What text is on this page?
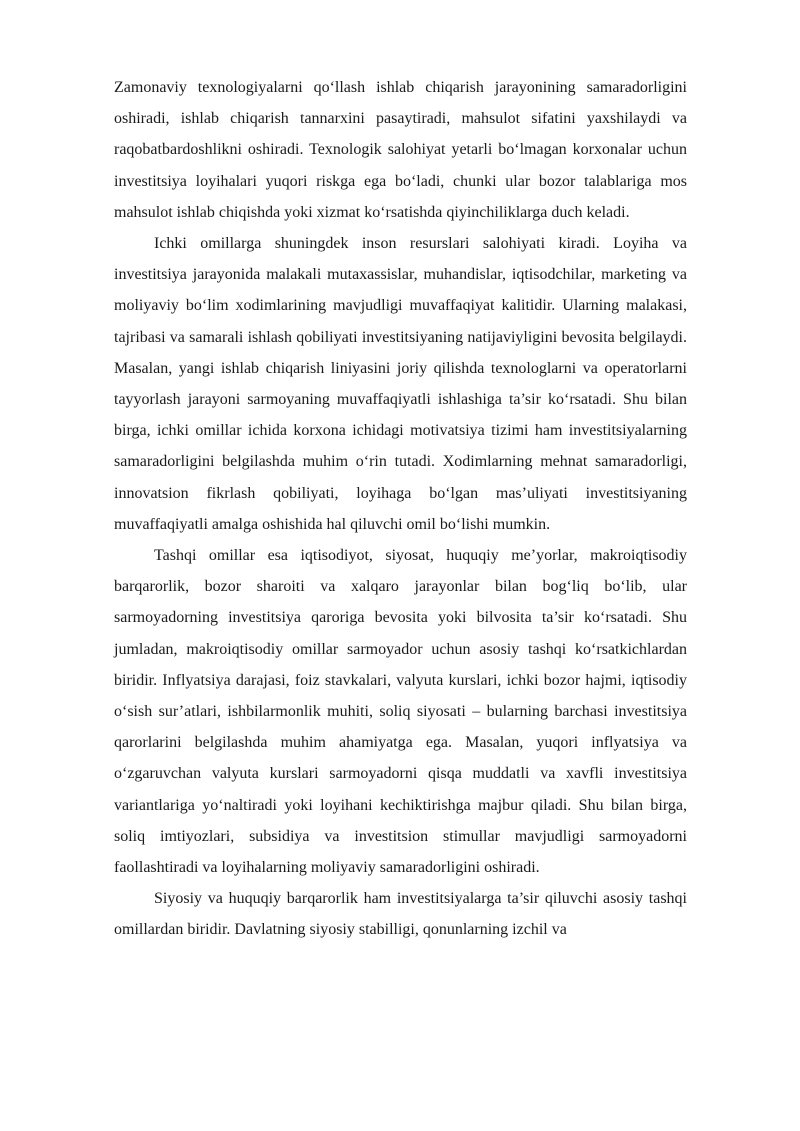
Zamonaviy texnologiyalarni qo‘llash ishlab chiqarish jarayonining samaradorligini oshiradi, ishlab chiqarish tannarxini pasaytiradi, mahsulot sifatini yaxshilaydi va raqobatbardoshlikni oshiradi. Texnologik salohiyat yetarli bo‘lmagan korxonalar uchun investitsiya loyihalari yuqori riskga ega bo‘ladi, chunki ular bozor talablariga mos mahsulot ishlab chiqishda yoki xizmat ko‘rsatishda qiyinchiliklarga duch keladi.

Ichki omillarga shuningdek inson resurslari salohiyati kiradi. Loyiha va investitsiya jarayonida malakali mutaxassislar, muhandislar, iqtisodchilar, marketing va moliyaviy bo‘lim xodimlarining mavjudligi muvaffaqiyat kalitidir. Ularning malakasi, tajribasi va samarali ishlash qobiliyati investitsiyaning natijaviyligini bevosita belgilaydi. Masalan, yangi ishlab chiqarish liniyasini joriy qilishda texnologlarni va operatorlarni tayyorlash jarayoni sarmoyaning muvaffaqiyatli ishlashiga ta’sir ko‘rsatadi. Shu bilan birga, ichki omillar ichida korxona ichidagi motivatsiya tizimi ham investitsiyalarning samaradorligini belgilashda muhim o‘rin tutadi. Xodimlarning mehnat samaradorligi, innovatsion fikrlash qobiliyati, loyihaga bo‘lgan mas’uliyati investitsiyaning muvaffaqiyatli amalga oshishida hal qiluvchi omil bo‘lishi mumkin.

Tashqi omillar esa iqtisodiyot, siyosat, huquqiy me’yorlar, makroiqtisodiy barqarorlik, bozor sharoiti va xalqaro jarayonlar bilan bog‘liq bo‘lib, ular sarmoyadorning investitsiya qaroriga bevosita yoki bilvosita ta’sir ko‘rsatadi. Shu jumladan, makroiqtisodiy omillar sarmoyador uchun asosiy tashqi ko‘rsatkichlardan biridir. Inflyatsiya darajasi, foiz stavkalari, valyuta kurslari, ichki bozor hajmi, iqtisodiy o‘sish sur’atlari, ishbilarmonlik muhiti, soliq siyosati – bularning barchasi investitsiya qarorlarini belgilashda muhim ahamiyatga ega. Masalan, yuqori inflyatsiya va o‘zgaruvchan valyuta kurslari sarmoyadorni qisqa muddatli va xavfli investitsiya variantlariga yo‘naltiradi yoki loyihani kechiktirishga majbur qiladi. Shu bilan birga, soliq imtiyozlari, subsidiya va investitsion stimullar mavjudligi sarmoyadorni faollashtiradi va loyihalarning moliyaviy samaradorligini oshiradi.

Siyosiy va huquqiy barqarorlik ham investitsiyalarga ta’sir qiluvchi asosiy tashqi omillardan biridir. Davlatning siyosiy stabilligi, qonunlarning izchil va
